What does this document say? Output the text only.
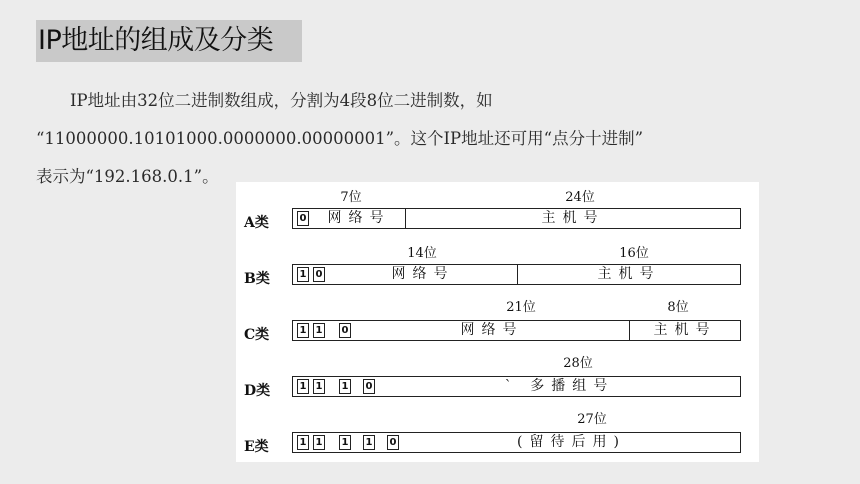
IP地址的组成及分类
IP地址由32位二进制数组成，分割为4段8位二进制数，如
“11000000.10101000.0000000.00000001”。这个IP地址还可用“点分十进制”
表示为“192.168.0.1”。
7位	24位
A类	0	网络号	主机号
14位	16位
B类	1 0	网络号	主机号
21位	8位
C类	1 1 0	网络号	主机号
28位
D类	1 1 1 0	` 多播组号
27位
E类	1 1 1 1 0	(留待后用)
